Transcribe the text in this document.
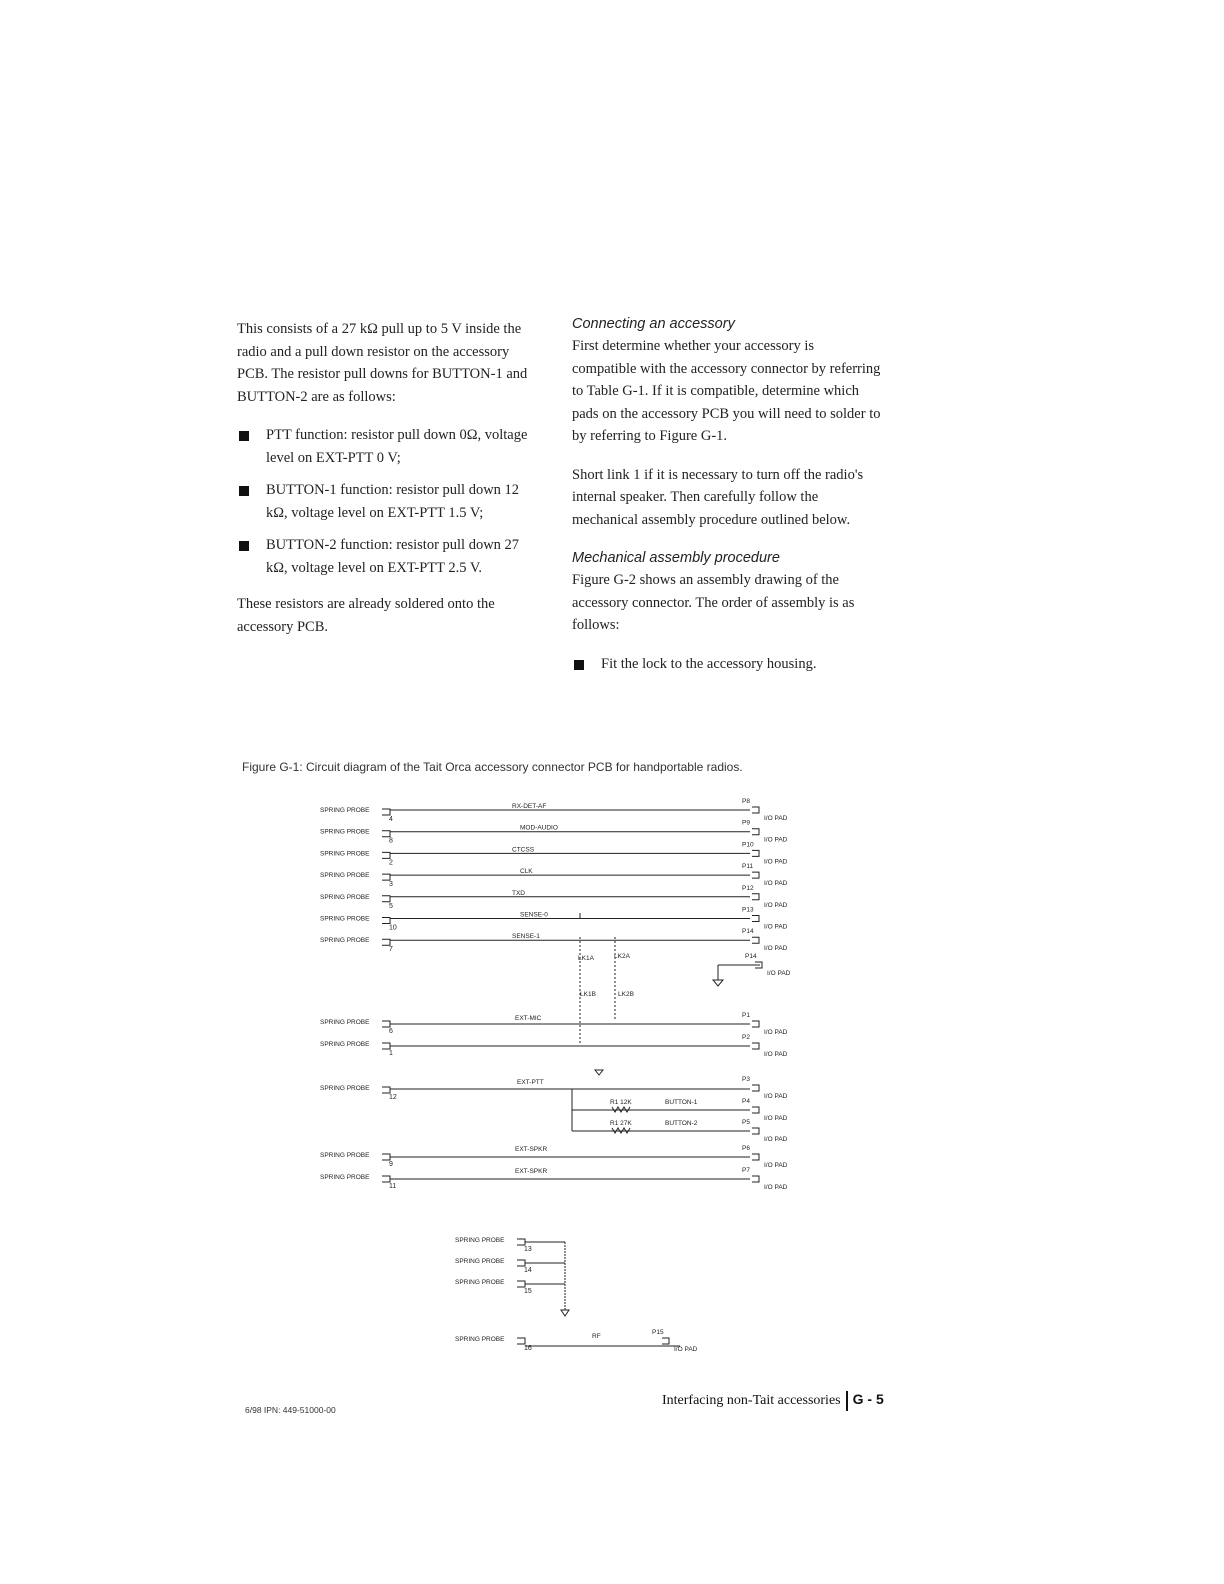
This consists of a 27 kΩ pull up to 5 V inside the radio and a pull down resistor on the accessory PCB. The resistor pull downs for BUTTON-1 and BUTTON-2 are as follows:

PTT function: resistor pull down 0Ω, voltage level on EXT-PTT 0 V;
BUTTON-1 function: resistor pull down 12 kΩ, voltage level on EXT-PTT 1.5 V;
BUTTON-2 function: resistor pull down 27 kΩ, voltage level on EXT-PTT 2.5 V.

These resistors are already soldered onto the accessory PCB.

Connecting an accessory

First determine whether your accessory is compatible with the accessory connector by referring to Table G-1. If it is compatible, determine which pads on the accessory PCB you will need to solder to by referring to Figure G-1.

Short link 1 if it is necessary to turn off the radio's internal speaker. Then carefully follow the mechanical assembly procedure outlined below.

Mechanical assembly procedure

Figure G-2 shows an assembly drawing of the accessory connector. The order of assembly is as follows:

Fit the lock to the accessory housing.
Figure G-1: Circuit diagram of the Tait Orca accessory connector PCB for handportable radios.
SPRING PROBE
4
RX-DET-AF
P8
I/O PAD
SPRING PROBE
8
MOD-AUDIO
P9
I/O PAD
SPRING PROBE
2
CTCSS
P10
I/O PAD
SPRING PROBE
3
CLK
P11
I/O PAD
SPRING PROBE
5
TXD
P12
I/O PAD
SPRING PROBE
10
SENSE-0
P13
I/O PAD
SPRING PROBE
7
SENSE-1
P14
I/O PAD
LK1A	LK2A
LK1B	LK2B
P14
I/O PAD
SPRING PROBE
6
P1
I/O PAD
SPRING PROBE
1
P2
I/O PAD
EXT-MIC
SPRING PROBE
12
EXT-PTT	P3
I/O PAD
R1 12K	BUTTON-1	P4
I/O PAD
R1 27K	BUTTON-2	P5
I/O PAD
SPRING PROBE
9
EXT-SPKR	P6
I/O PAD
SPRING PROBE
11
EXT-SPKR	P7
I/O PAD
SPRING PROBE
13
SPRING PROBE
14
SPRING PROBE
15
SPRING PROBE
16
RF
P15
I/O PAD
6/98 IPN: 449-51000-00
Interfacing non-Tait accessories G - 5
